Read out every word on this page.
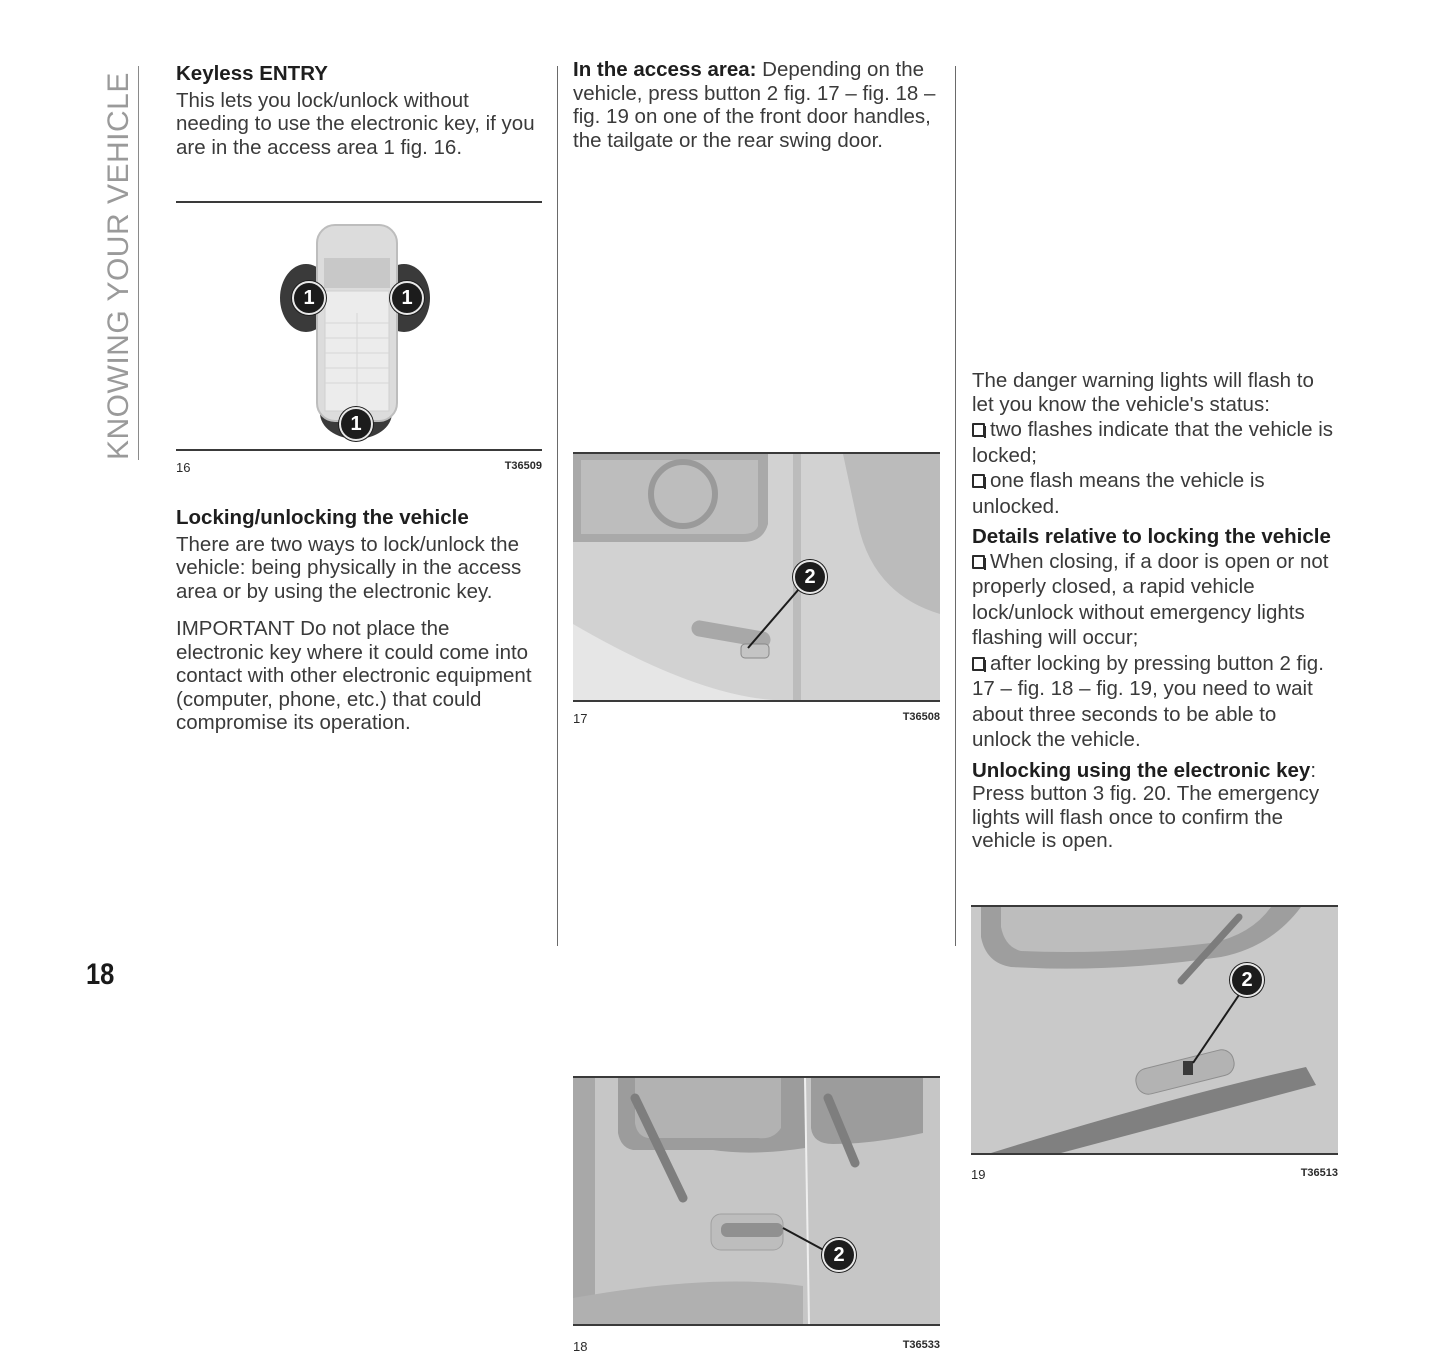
KNOWING YOUR VEHICLE
18

Keyless ENTRY

This lets you lock/unlock without needing to use the electronic key, if you are in the access area 1 fig. 16.

1	1
1
16	T36509

Locking/unlocking the vehicle

There are two ways to lock/unlock the vehicle: being physically in the access area or by using the electronic key.

IMPORTANT Do not place the electronic key where it could come into contact with other electronic equipment (computer, phone, etc.) that could compromise its operation.

In the access area: Depending on the vehicle, press button 2 fig. 17 – fig. 18 – fig. 19 on one of the front door handles, the tailgate or the rear swing door.

2
17	T36508
2
18	T36533
2
19	T36513

The danger warning lights will flash to let you know the vehicle's status:

two flashes indicate that the vehicle is locked;

one flash means the vehicle is unlocked.

Details relative to locking the vehicle

When closing, if a door is open or not properly closed, a rapid vehicle lock/unlock without emergency lights flashing will occur;

after locking by pressing button 2 fig. 17 – fig. 18 – fig. 19, you need to wait about three seconds to be able to unlock the vehicle.

Unlocking using the electronic key:
Press button 3 fig. 20. The emergency lights will flash once to confirm the vehicle is open.
